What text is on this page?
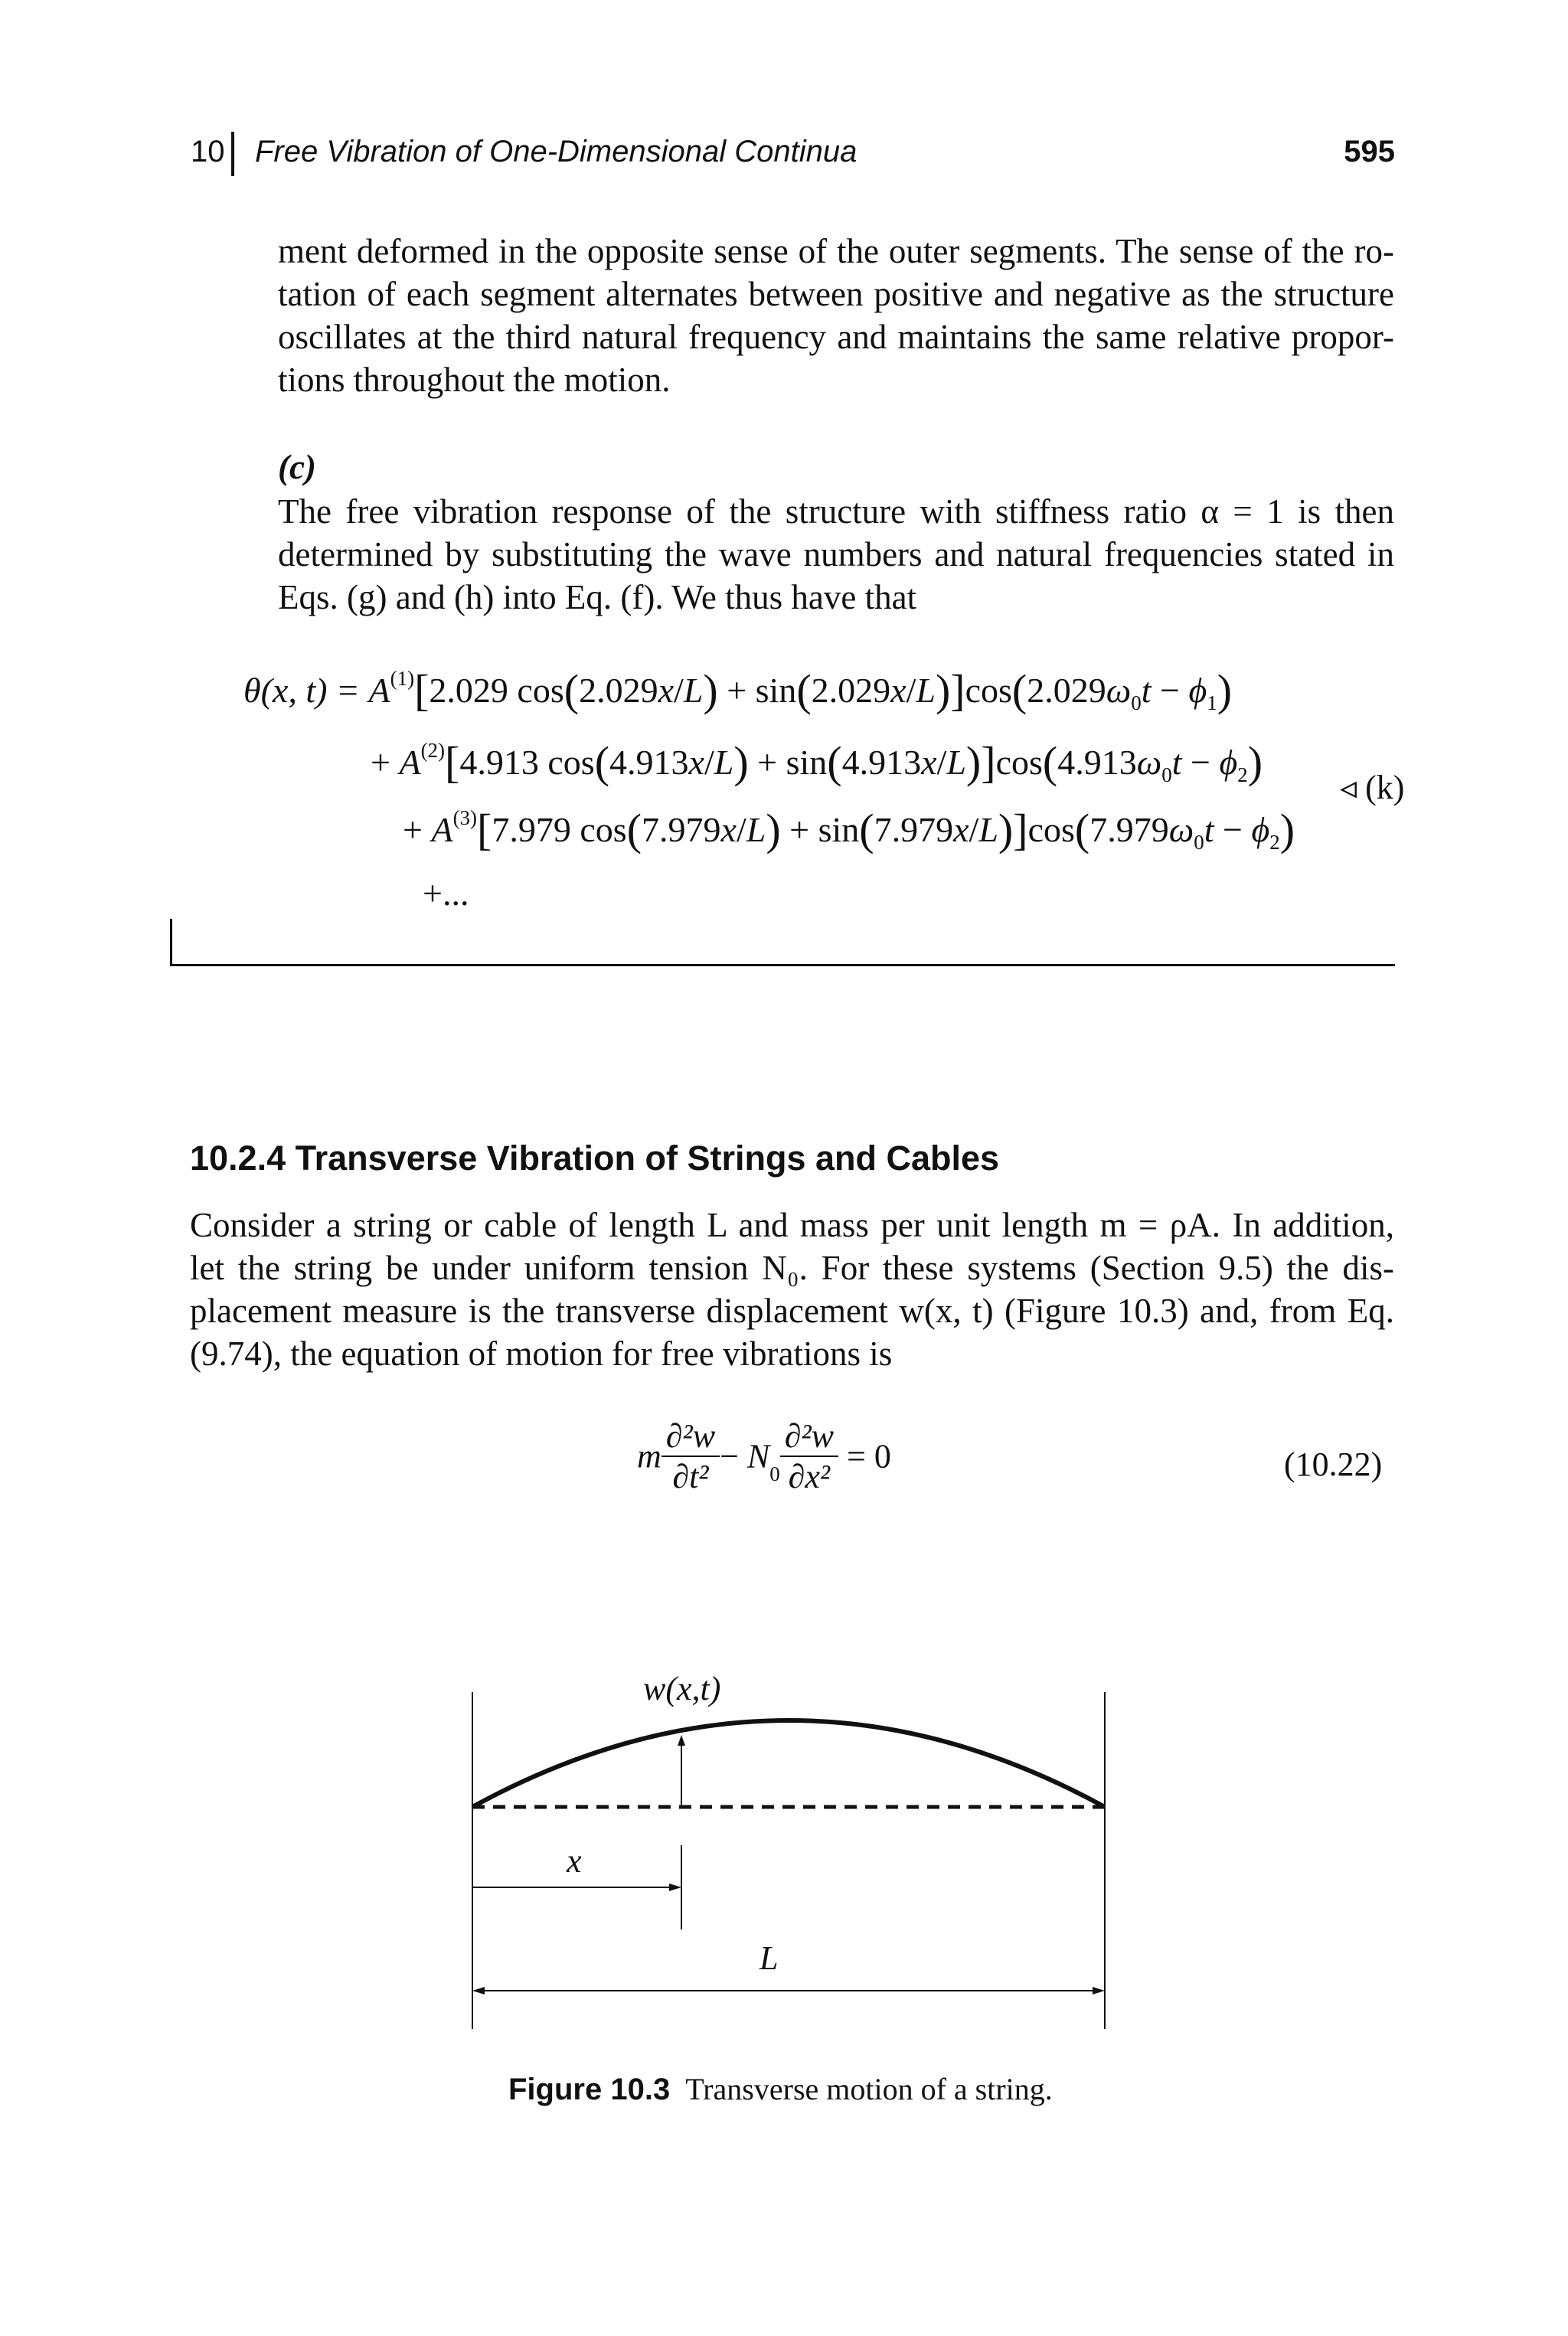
10 Free Vibration of One-Dimensional Continua	595
ment deformed in the opposite sense of the outer segments. The sense of the ro-
tation of each segment alternates between positive and negative as the structure
oscillates at the third natural frequency and maintains the same relative propor-
tions throughout the motion.
(c)
The free vibration response of the structure with stiffness ratio α = 1 is then
determined by substituting the wave numbers and natural frequencies stated in
Eqs. (g) and (h) into Eq. (f). We thus have that
θ(x, $t) = A^{(1)}[2.029$ $\cos(2.029x/L) + \sin(2.029x/L)]\cos(2.029\omega_0t - \phi_1)$
+ $A^{(2)}[4.913$ $\cos(4.913x/L) + \sin(4.913x/L)]\cos(4.913\omega_0t - \phi_2)$
◃ (k)
+ $A^{(3)}[7.979$ $\cos(7.979x/L) + \sin(7.979x/L)]\cos(7.979\omega_0t - \phi_2)$
+...
10.2.4 Transverse Vibration of Strings and Cables
Consider a string or cable of length L and mass per unit length m = ρA. In addition,
let the string be under uniform tension N₀. For these systems (Section 9.5) the dis-
placement measure is the transverse displacement w(x, t) (Figure 10.3) and, from Eq.
(9.74), the equation of motion for free vibrations is
m $\frac{\text{∂²w}}{\text{∂t²}} - N_0 \frac{\text{∂²w}}{\text{∂x²}} = 0$	(10.22)
w(x,t)
x
L
Figure 10.3 Transverse motion of a string.
